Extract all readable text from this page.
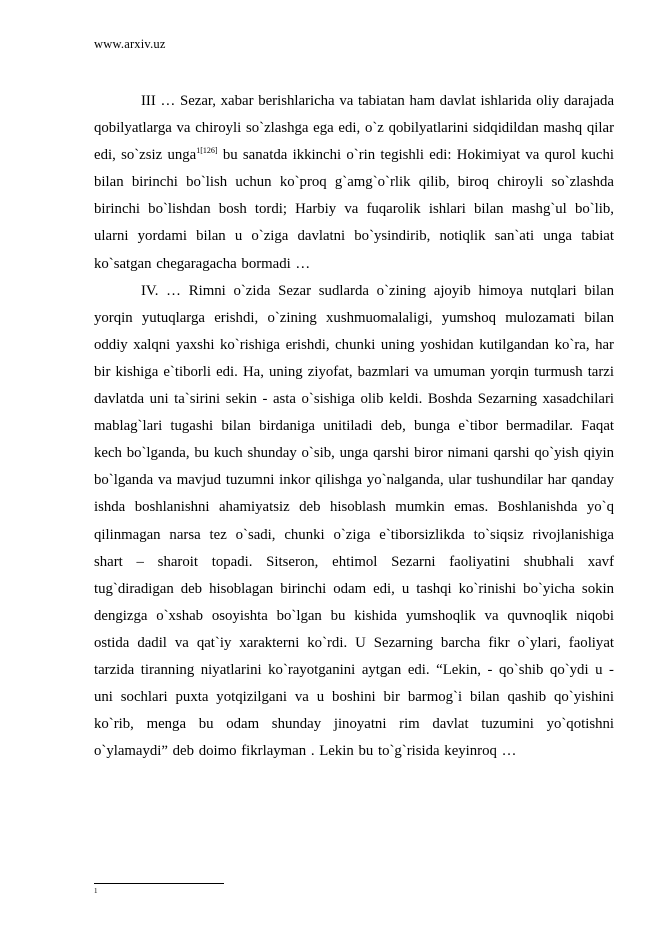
www.arxiv.uz

III … Sezar, xabar berishlaricha va tabiatan ham davlat ishlarida oliy darajada qobilyatlarga va chiroyli so`zlashga ega edi, o`z qobilyatlarini sidqidildan mashq qilar edi, so`zsiz unga$^{1[126]}$ bu sanatda ikkinchi o`rin tegishli edi: Hokimiyat va qurol kuchi bilan birinchi bo`lish uchun ko`proq g`amg`o`rlik qilib, biroq chiroyli so`zlashda birinchi bo`lishdan bosh tordi; Harbiy va fuqarolik ishlari bilan mashg`ul bo`lib, ularni yordami bilan u o`ziga davlatni bo`ysindirib, notiqlik san`ati unga tabiat ko`satgan chegaragacha bormadi …

IV. … Rimni o`zida Sezar sudlarda o`zining ajoyib himoya nutqlari bilan yorqin yutuqlarga erishdi, o`zining xushmuomalaligi, yumshoq mulozamati bilan oddiy xalqni yaxshi ko`rishiga erishdi, chunki uning yoshidan kutilgandan ko`ra, har bir kishiga e`tiborli edi. Ha, uning ziyofat, bazmlari va umuman yorqin turmush tarzi davlatda uni ta`sirini sekin - asta o`sishiga olib keldi. Boshda Sezarning xasadchilari mablag`lari tugashi bilan birdaniga unitiladi deb, bunga e`tibor bermadilar. Faqat kech bo`lganda, bu kuch shunday o`sib, unga qarshi biror nimani qarshi qo`yish qiyin bo`lganda va mavjud tuzumni inkor qilishga yo`nalganda, ular tushundilar har qanday ishda boshlanishni ahamiyatsiz deb hisoblash mumkin emas. Boshlanishda yo`q qilinmagan narsa tez o`sadi, chunki o`ziga e`tiborsizlikda to`siqsiz rivojlanishiga shart – sharoit topadi. Sitseron, ehtimol Sezarni faoliyatini shubhali xavf tug`diradigan deb hisoblagan birinchi odam edi, u tashqi ko`rinishi bo`yicha sokin dengizga o`xshab osoyishta bo`lgan bu kishida yumshoqlik va quvnoqlik niqobi ostida dadil va qat`iy xarakterni ko`rdi. U Sezarning barcha fikr o`ylari, faoliyat tarzida tiranning niyatlarini ko`rayotganini aytgan edi. “Lekin, - qo`shib qo`ydi u - uni sochlari puxta yotqizilgani va u boshini bir barmog`i bilan qashib qo`yishini ko`rib, menga bu odam shunday jinoyatni rim davlat tuzumini yo`qotishni o`ylamaydi” deb doimo fikrlayman . Lekin bu to`g`risida keyinroq …

1
